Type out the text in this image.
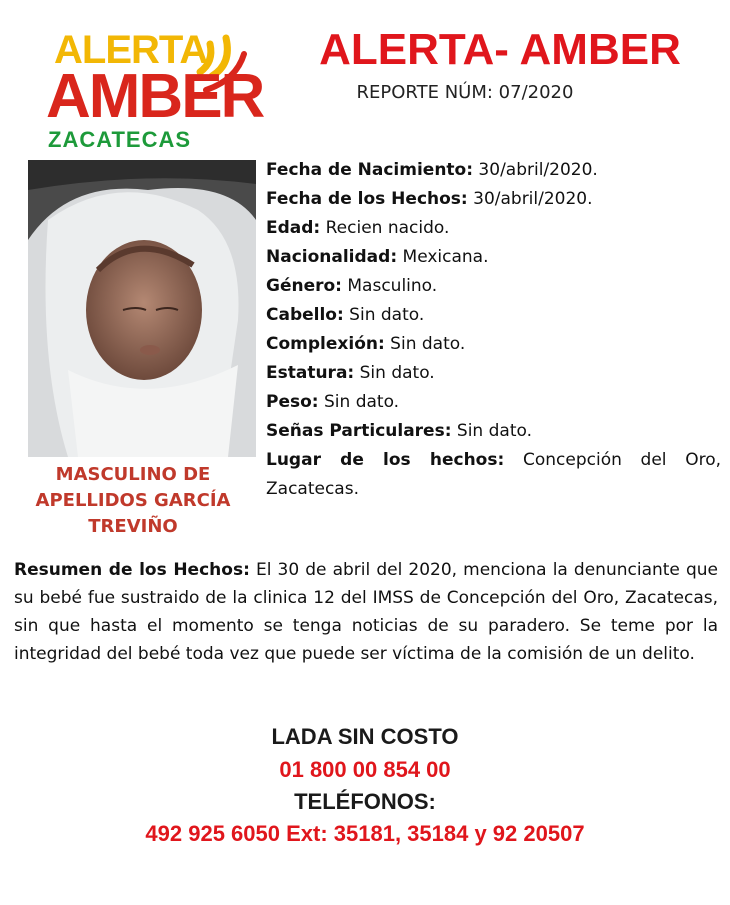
ALERTA
AMBER
ZACATECAS
ALERTA- AMBER
REPORTE NÚM: 07/2020
MASCULINO DE APELLIDOS GARCÍA TREVIÑO
Fecha de Nacimiento: 30/abril/2020.
Fecha de los Hechos: 30/abril/2020.
Edad: Recien nacido.
Nacionalidad: Mexicana.
Género: Masculino.
Cabello: Sin dato.
Complexión: Sin dato.
Estatura: Sin dato.
Peso: Sin dato.
Señas Particulares: Sin dato.
Lugar de los hechos: Concepción del Oro, Zacatecas.
Resumen de los Hechos: El 30 de abril del 2020, menciona la denunciante que su bebé fue sustraido de la clinica 12 del IMSS de Concepción del Oro, Zacatecas, sin que hasta el momento se tenga noticias de su paradero. Se teme por la integridad del bebé toda vez que puede ser víctima de la comisión de un delito.
LADA SIN COSTO
01 800 00 854 00
TELÉFONOS:
492 925 6050 Ext: 35181, 35184 y 92 20507
